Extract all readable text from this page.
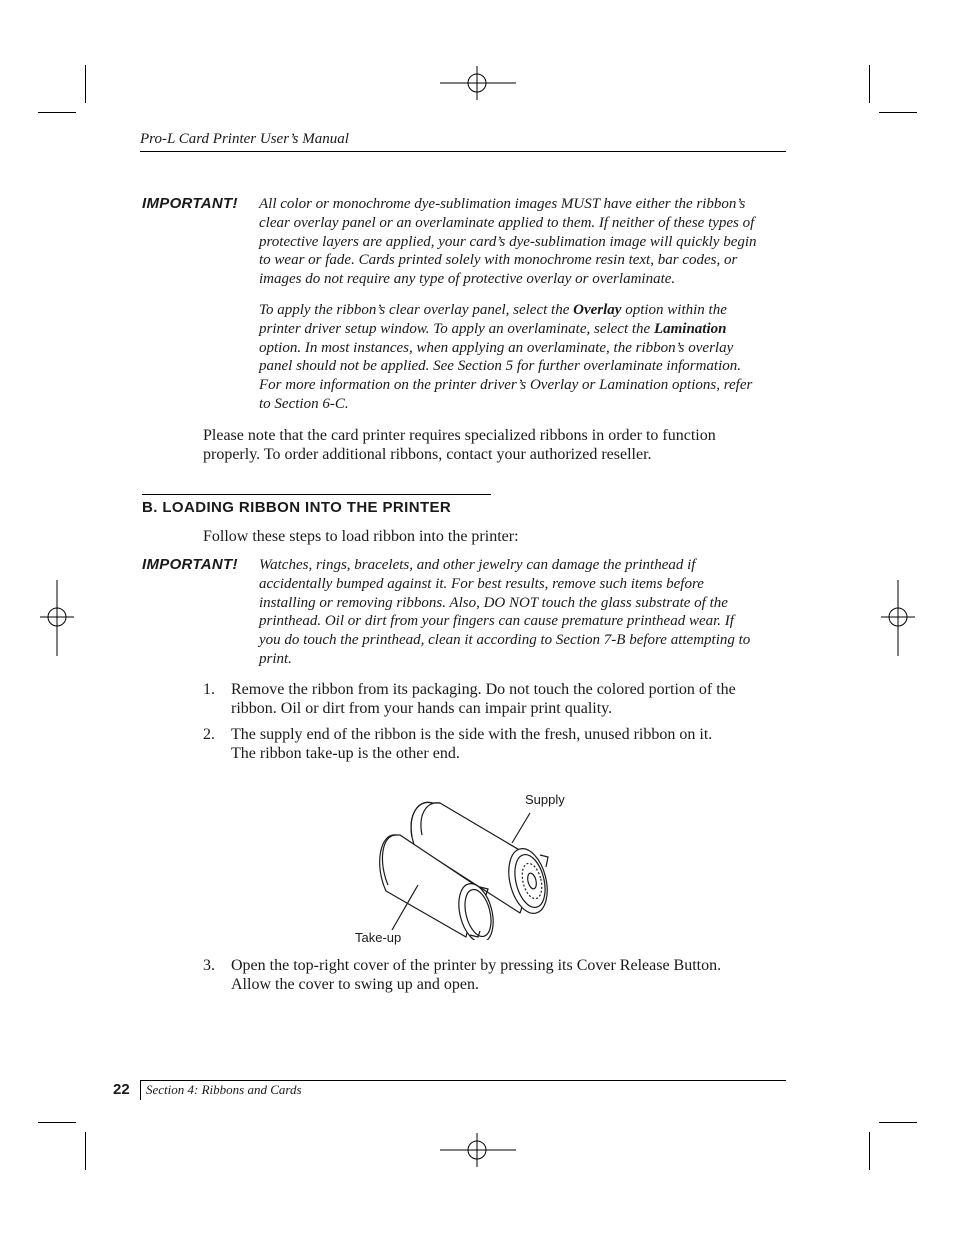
Pro-L Card Printer User’s Manual
IMPORTANT! All color or monochrome dye-sublimation images MUST have either the ribbon’s
clear overlay panel or an overlaminate applied to them. If neither of these types of
protective layers are applied, your card’s dye-sublimation image will quickly begin
to wear or fade. Cards printed solely with monochrome resin text, bar codes, or
images do not require any type of protective overlay or overlaminate.
To apply the ribbon’s clear overlay panel, select the Overlay option within the
printer driver setup window. To apply an overlaminate, select the Lamination
option. In most instances, when applying an overlaminate, the ribbon’s overlay
panel should not be applied. See Section 5 for further overlaminate information.
For more information on the printer driver’s Overlay or Lamination options, refer
to Section 6-C.
Please note that the card printer requires specialized ribbons in order to function
properly. To order additional ribbons, contact your authorized reseller.
B. LOADING RIBBON INTO THE PRINTER
Follow these steps to load ribbon into the printer:
IMPORTANT! Watches, rings, bracelets, and other jewelry can damage the printhead if
accidentally bumped against it. For best results, remove such items before
installing or removing ribbons. Also, DO NOT touch the glass substrate of the
printhead. Oil or dirt from your fingers can cause premature printhead wear. If
you do touch the printhead, clean it according to Section 7-B before attempting to
print.
1. Remove the ribbon from its packaging. Do not touch the colored portion of the
ribbon. Oil or dirt from your hands can impair print quality.
2. The supply end of the ribbon is the side with the fresh, unused ribbon on it.
The ribbon take-up is the other end.
Supply
Take-up
3. Open the top-right cover of the printer by pressing its Cover Release Button.
Allow the cover to swing up and open.
22 Section 4: Ribbons and Cards
